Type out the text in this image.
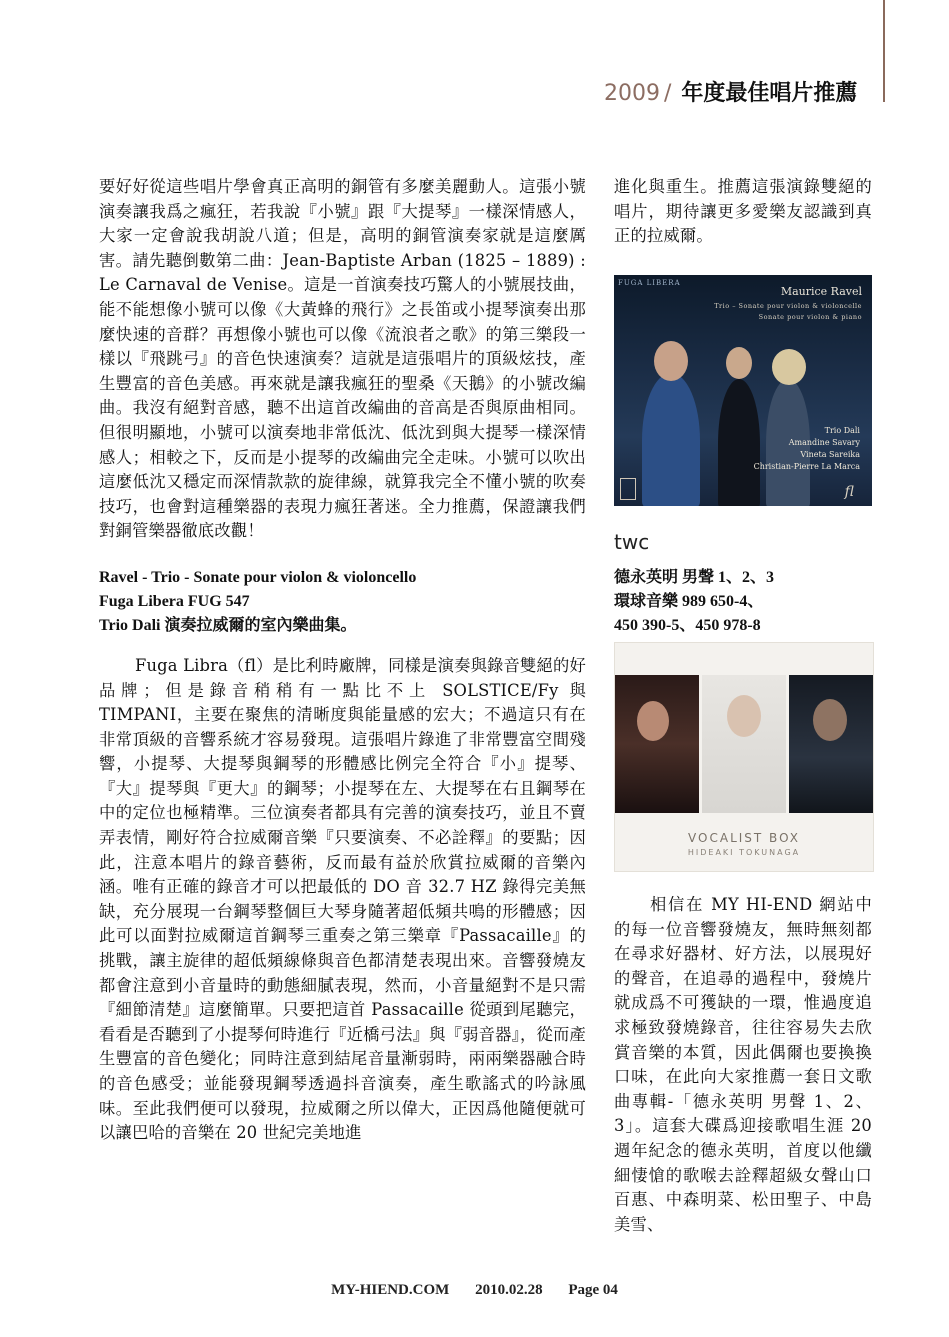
2009 / 年度最佳唱片推薦

要好好從這些唱片學會真正高明的銅管有多麼美麗動人。這張小號演奏讓我爲之瘋狂，若我說『小號』跟『大提琴』一樣深情感人，大家一定會說我胡說八道；但是，高明的銅管演奏家就是這麼厲害。請先聽倒數第二曲：Jean-Baptiste Arban (1825 – 1889) : Le Carnaval de Venise。這是一首演奏技巧驚人的小號展技曲，能不能想像小號可以像《大黃蜂的飛行》之長笛或小提琴演奏出那麼快速的音群？再想像小號也可以像《流浪者之歌》的第三樂段一樣以『飛跳弓』的音色快速演奏？這就是這張唱片的頂級炫技，產生豐富的音色美感。再來就是讓我瘋狂的聖桑《天鵝》的小號改編曲。我沒有絕對音感，聽不出這首改編曲的音高是否與原曲相同。但很明顯地，小號可以演奏地非常低沈、低沈到與大提琴一樣深情感人；相較之下，反而是小提琴的改編曲完全走味。小號可以吹出這麼低沈又穩定而深情款款的旋律線，就算我完全不懂小號的吹奏技巧，也會對這種樂器的表現力瘋狂著迷。全力推薦，保證讓我們對銅管樂器徹底改觀！

Ravel - Trio - Sonate pour violon & violoncello

Fuga Libera FUG 547

Trio Dali 演奏拉威爾的室內樂曲集。

Fuga Libra（fl）是比利時廠牌，同樣是演奏與錄音雙絕的好品牌；但是錄音稍稍有一點比不上 SOLSTICE/Fy 與 TIMPANI，主要在聚焦的清晰度與能量感的宏大；不過這只有在非常頂級的音響系統才容易發現。這張唱片錄進了非常豐富空間殘響，小提琴、大提琴與鋼琴的形體感比例完全符合『小』提琴、『大』提琴與『更大』的鋼琴；小提琴在左、大提琴在右且鋼琴在中的定位也極精準。三位演奏者都具有完善的演奏技巧，並且不賣弄表情，剛好符合拉威爾音樂『只要演奏、不必詮釋』的要點；因此，注意本唱片的錄音藝術，反而最有益於欣賞拉威爾的音樂內涵。唯有正確的錄音才可以把最低的 DO 音 32.7 HZ 錄得完美無缺，充分展現一台鋼琴整個巨大琴身隨著超低頻共鳴的形體感；因此可以面對拉威爾這首鋼琴三重奏之第三樂章『Passacaille』的挑戰，讓主旋律的超低頻線條與音色都清楚表現出來。音響發燒友都會注意到小音量時的動態細膩表現，然而，小音量絕對不是只需『細節清楚』這麼簡單。只要把這首 Passacaille 從頭到尾聽完，看看是否聽到了小提琴何時進行『近橋弓法』與『弱音器』，從而產生豐富的音色變化；同時注意到結尾音量漸弱時，兩兩樂器融合時的音色感受；並能發現鋼琴透過抖音演奏，產生歌謠式的吟詠風味。至此我們便可以發現，拉威爾之所以偉大，正因爲他隨便就可以讓巴哈的音樂在 20 世紀完美地進

進化與重生。推薦這張演錄雙絕的唱片，期待讓更多愛樂友認識到真正的拉威爾。

FUGA LIBERA
Maurice Ravel
Trio – Sonate pour violon & violoncelle
Sonate pour violon & piano
Trio Dali
Amandine Savary
Vineta Sareika
Christian-Pierre La Marca
fl
twc
德永英明 男聲 1、2、3
環球音樂 989 650-4、
450 390-5、450 978-8
VOCALIST BOX
HIDEAKI TOKUNAGA

相信在 MY HI-END 網站中的每一位音響發燒友，無時無刻都在尋求好器材、好方法，以展現好的聲音，在追尋的過程中，發燒片就成爲不可獲缺的一環，惟過度追求極致發燒錄音，往往容易失去欣賞音樂的本質，因此偶爾也要換換口味，在此向大家推薦一套日文歌曲專輯-「德永英明 男聲 1、2、3」。這套大碟爲迎接歌唱生涯 20 週年紀念的德永英明，首度以他纖細悽愴的歌喉去詮釋超級女聲山口百惠、中森明菜、松田聖子、中島美雪、

MY-HIEND.COM 2010.02.28 Page 04
